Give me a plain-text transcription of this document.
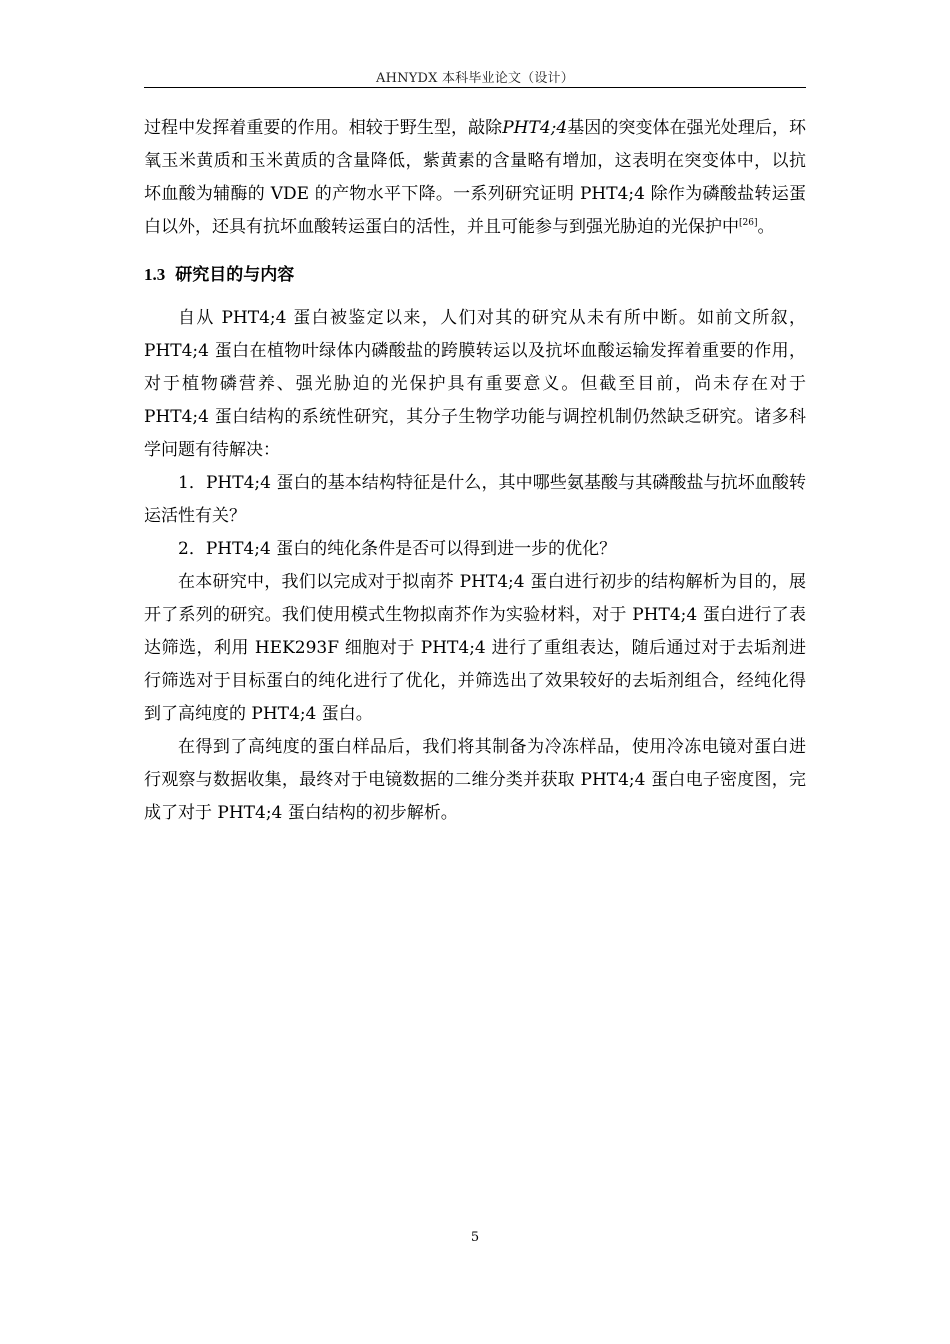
AHNYDX 本科毕业论文（设计）

过程中发挥着重要的作用。相较于野生型，敲除PHT4;4基因的突变体在强光处理后，环氧玉米黄质和玉米黄质的含量降低，紫黄素的含量略有增加，这表明在突变体中，以抗坏血酸为辅酶的 VDE 的产物水平下降。一系列研究证明 PHT4;4 除作为磷酸盐转运蛋白以外，还具有抗坏血酸转运蛋白的活性，并且可能参与到强光胁迫的光保护中[26]。

1.3 研究目的与内容

自从 PHT4;4 蛋白被鉴定以来，人们对其的研究从未有所中断。如前文所叙，PHT4;4 蛋白在植物叶绿体内磷酸盐的跨膜转运以及抗坏血酸运输发挥着重要的作用，对于植物磷营养、强光胁迫的光保护具有重要意义。但截至目前，尚未存在对于 PHT4;4 蛋白结构的系统性研究，其分子生物学功能与调控机制仍然缺乏研究。诸多科学问题有待解决：

1．PHT4;4 蛋白的基本结构特征是什么，其中哪些氨基酸与其磷酸盐与抗坏血酸转运活性有关？

2．PHT4;4 蛋白的纯化条件是否可以得到进一步的优化？

在本研究中，我们以完成对于拟南芥 PHT4;4 蛋白进行初步的结构解析为目的，展开了系列的研究。我们使用模式生物拟南芥作为实验材料，对于 PHT4;4 蛋白进行了表达筛选，利用 HEK293F 细胞对于 PHT4;4 进行了重组表达，随后通过对于去垢剂进行筛选对于目标蛋白的纯化进行了优化，并筛选出了效果较好的去垢剂组合，经纯化得到了高纯度的 PHT4;4 蛋白。

在得到了高纯度的蛋白样品后，我们将其制备为冷冻样品，使用冷冻电镜对蛋白进行观察与数据收集，最终对于电镜数据的二维分类并获取 PHT4;4 蛋白电子密度图，完成了对于 PHT4;4 蛋白结构的初步解析。

5
